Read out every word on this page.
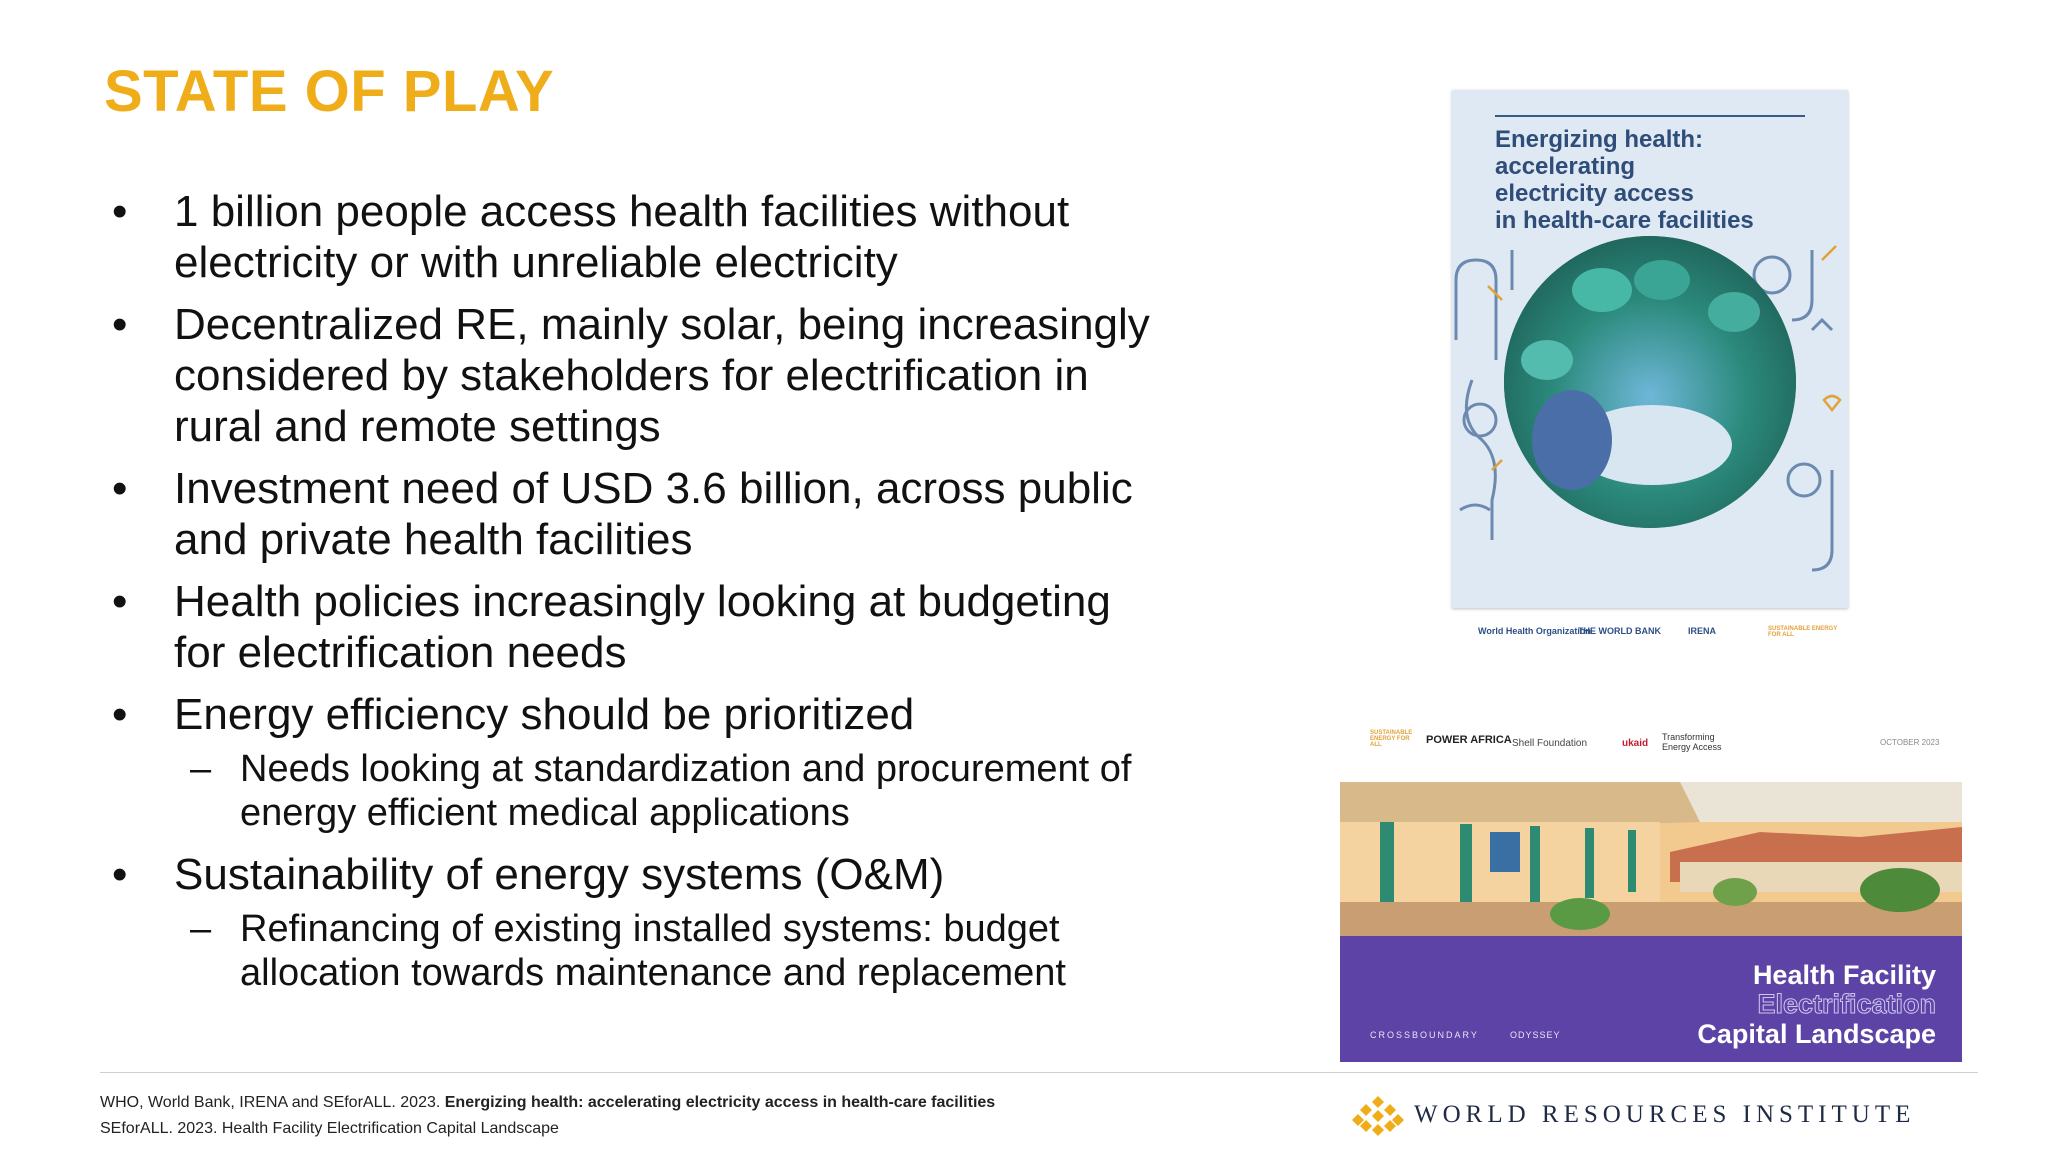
STATE OF PLAY
• 1 billion people access health facilities without
electricity or with unreliable electricity
• Decentralized RE, mainly solar, being increasingly
considered by stakeholders for electrification in
rural and remote settings
• Investment need of USD 3.6 billion, across public
and private health facilities
• Health policies increasingly looking at budgeting
for electrification needs
• Energy efficiency should be prioritized
– Needs looking at standardization and procurement of
energy efficient medical applications
• Sustainability of energy systems (O&M)
– Refinancing of existing installed systems: budget
allocation towards maintenance and replacement
Energizing health:
accelerating
electricity access
in health-care facilities
World Health Organization
THE WORLD BANK	IRENA	SUSTAINABLE ENERGY FOR ALL
SUSTAINABLE ENERGY FOR ALL	POWER AFRICA Shell Foundation	ukaid
Transforming Energy Access	OCTOBER 2023
Health Facility
Electrification
Capital Landscape
CROSSBOUNDARY	ODYSSEY
WHO, World Bank, IRENA and SEforALL. 2023. Energizing health: accelerating electricity access in health-care facilities
SEforALL. 2023. Health Facility Electrification Capital Landscape
WORLD RESOURCES INSTITUTE
